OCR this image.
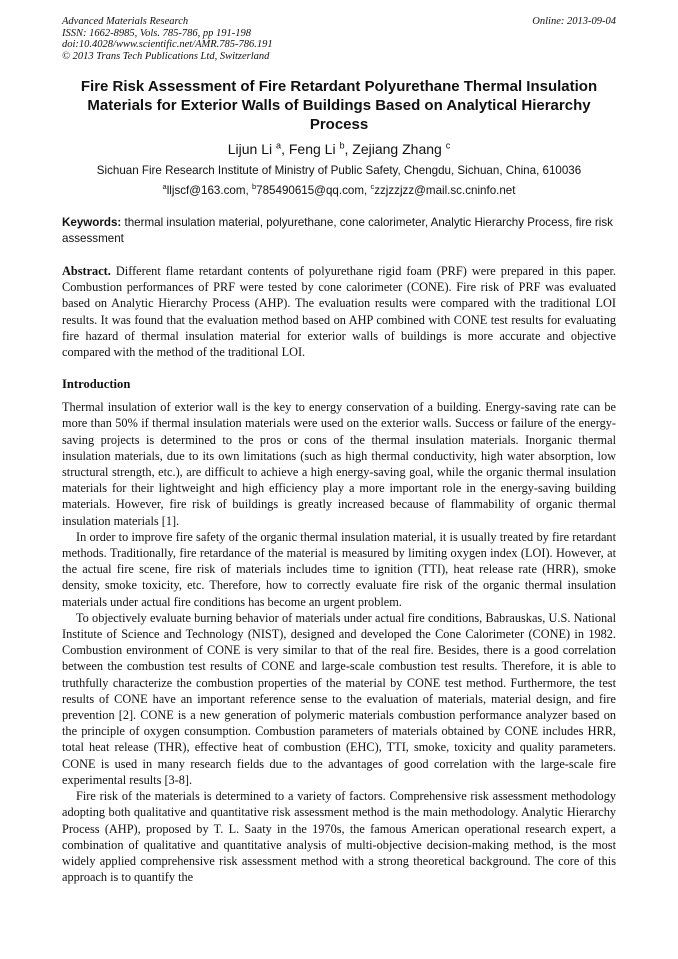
Advanced Materials Research
ISSN: 1662-8985, Vols. 785-786, pp 191-198
doi:10.4028/www.scientific.net/AMR.785-786.191
© 2013 Trans Tech Publications Ltd, Switzerland
Online: 2013-09-04
Fire Risk Assessment of Fire Retardant Polyurethane Thermal Insulation Materials for Exterior Walls of Buildings Based on Analytical Hierarchy Process
Lijun Li $^a$, Feng Li $^b$, Zejiang Zhang $^c$
Sichuan Fire Research Institute of Ministry of Public Safety, Chengdu, Sichuan, China, 610036
$^a$lljscf@163.com, $^b$785490615@qq.com, $^c$zzjzzjzz@mail.sc.cninfo.net
Keywords: thermal insulation material, polyurethane, cone calorimeter, Analytic Hierarchy Process, fire risk assessment

Abstract. Different flame retardant contents of polyurethane rigid foam (PRF) were prepared in this paper. Combustion performances of PRF were tested by cone calorimeter (CONE). Fire risk of PRF was evaluated based on Analytic Hierarchy Process (AHP). The evaluation results were compared with the traditional LOI results. It was found that the evaluation method based on AHP combined with CONE test results for evaluating fire hazard of thermal insulation material for exterior walls of buildings is more accurate and objective compared with the method of the traditional LOI.

Introduction

Thermal insulation of exterior wall is the key to energy conservation of a building. Energy-saving rate can be more than 50% if thermal insulation materials were used on the exterior walls. Success or failure of the energy-saving projects is determined to the pros or cons of the thermal insulation materials. Inorganic thermal insulation materials, due to its own limitations (such as high thermal conductivity, high water absorption, low structural strength, etc.), are difficult to achieve a high energy-saving goal, while the organic thermal insulation materials for their lightweight and high efficiency play a more important role in the energy-saving building materials. However, fire risk of buildings is greatly increased because of flammability of organic thermal insulation materials [1].

In order to improve fire safety of the organic thermal insulation material, it is usually treated by fire retardant methods. Traditionally, fire retardance of the material is measured by limiting oxygen index (LOI). However, at the actual fire scene, fire risk of materials includes time to ignition (TTI), heat release rate (HRR), smoke density, smoke toxicity, etc. Therefore, how to correctly evaluate fire risk of the organic thermal insulation materials under actual fire conditions has become an urgent problem.

To objectively evaluate burning behavior of materials under actual fire conditions, Babrauskas, U.S. National Institute of Science and Technology (NIST), designed and developed the Cone Calorimeter (CONE) in 1982. Combustion environment of CONE is very similar to that of the real fire. Besides, there is a good correlation between the combustion test results of CONE and large-scale combustion test results. Therefore, it is able to truthfully characterize the combustion properties of the material by CONE test method. Furthermore, the test results of CONE have an important reference sense to the evaluation of materials, material design, and fire prevention [2]. CONE is a new generation of polymeric materials combustion performance analyzer based on the principle of oxygen consumption. Combustion parameters of materials obtained by CONE includes HRR, total heat release (THR), effective heat of combustion (EHC), TTI, smoke, toxicity and quality parameters. CONE is used in many research fields due to the advantages of good correlation with the large-scale fire experimental results [3-8].

Fire risk of the materials is determined to a variety of factors. Comprehensive risk assessment methodology adopting both qualitative and quantitative risk assessment method is the main methodology. Analytic Hierarchy Process (AHP), proposed by T. L. Saaty in the 1970s, the famous American operational research expert, a combination of qualitative and quantitative analysis of multi-objective decision-making method, is the most widely applied comprehensive risk assessment method with a strong theoretical background. The core of this approach is to quantify the
